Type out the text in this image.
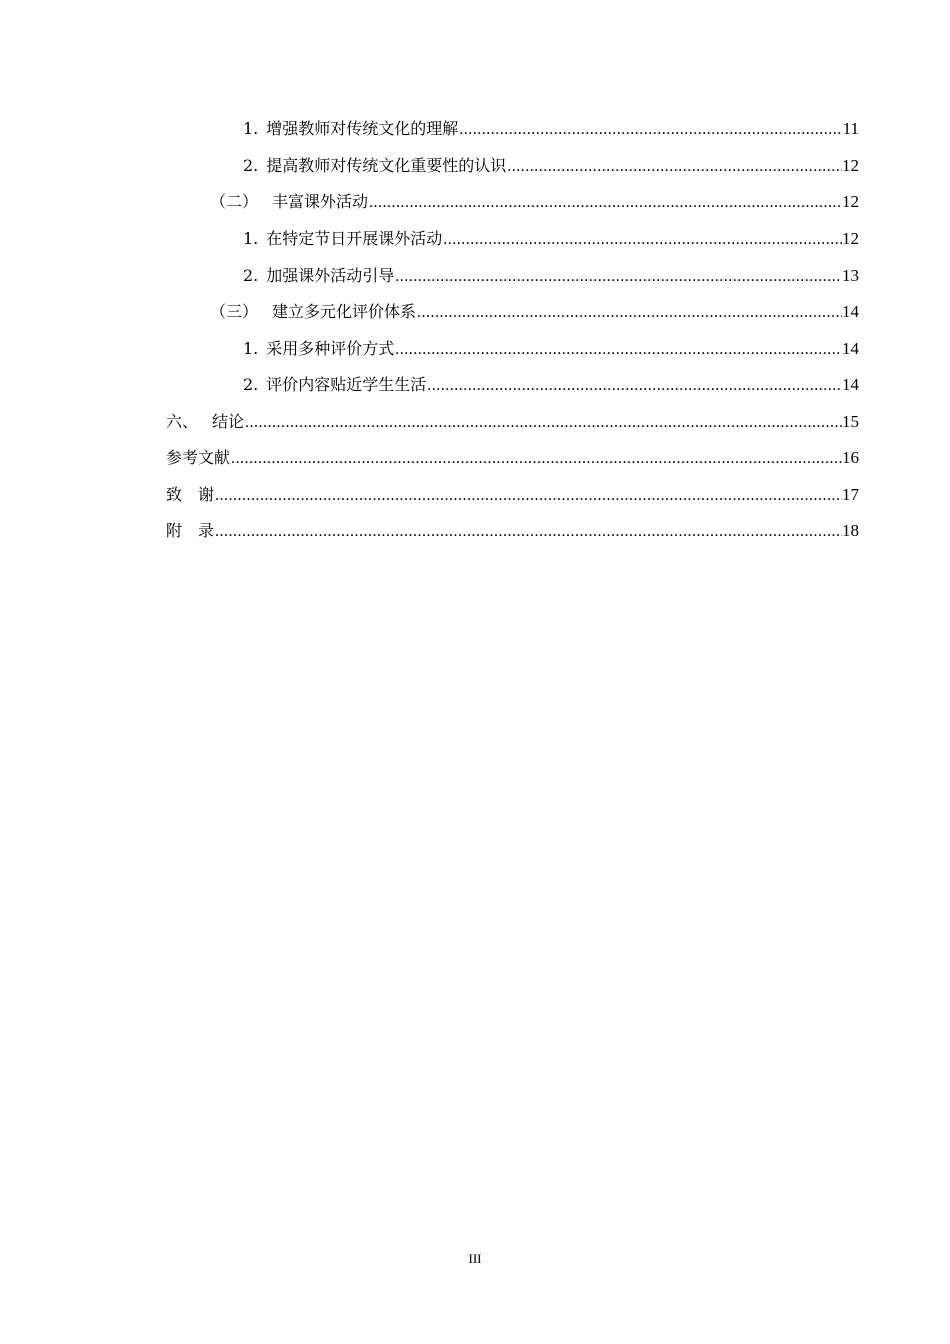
1. 增强教师对传统文化的理解 .....	11
2. 提高教师对传统文化重要性的认识 .....	12
（二） 丰富课外活动 .....	12
1. 在特定节日开展课外活动 .....	12
2. 加强课外活动引导 .....	13
（三） 建立多元化评价体系 .....	14
1. 采用多种评价方式 .....	14
2. 评价内容贴近学生生活 .....	14
六、 结论 .....	15
参考文献 .....	16
致　谢 .....	17
附　录 .....	18
III
